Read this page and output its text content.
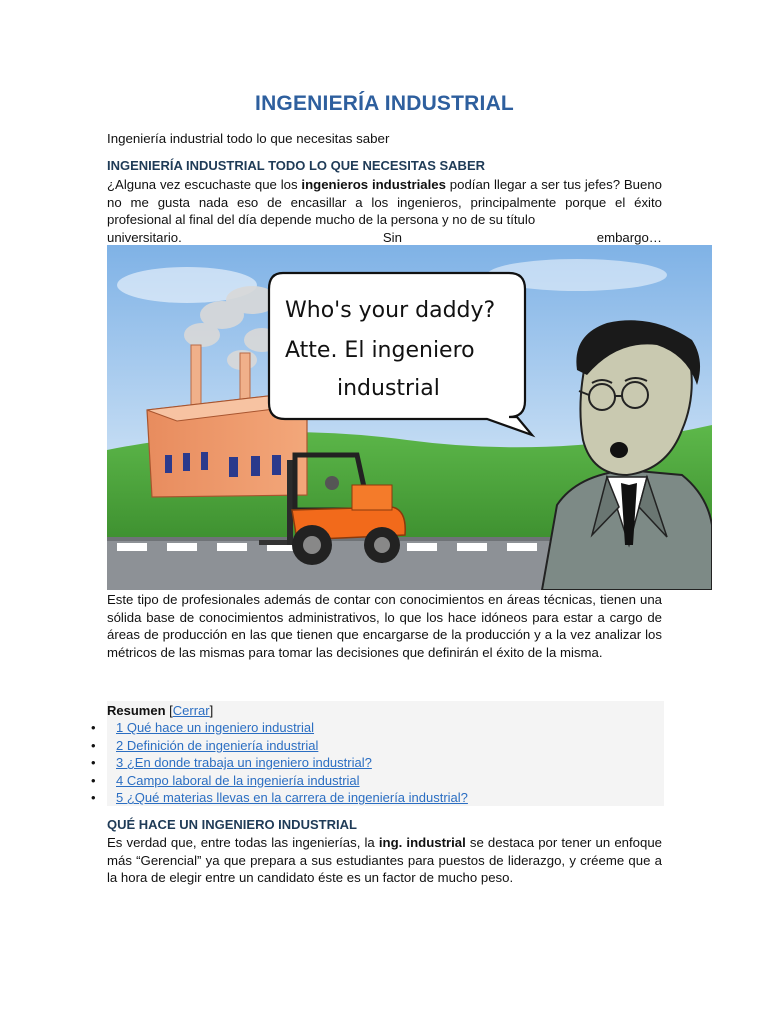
INGENIERÍA INDUSTRIAL
Ingeniería industrial todo lo que necesitas saber
INGENIERÍA INDUSTRIAL TODO LO QUE NECESITAS SABER
¿Alguna vez escuchaste que los ingenieros industriales podían llegar a ser tus jefes? Bueno no me gusta nada eso de encasillar a los ingenieros, principalmente porque el éxito profesional al final del día depende mucho de la persona y no de su título
universitario.                                Sin                               embargo…
Who's your daddy?
Atte. El ingeniero
industrial
Este tipo de profesionales además de contar con conocimientos en áreas técnicas, tienen una sólida base de conocimientos administrativos, lo que los hace idóneos para estar a cargo de áreas de producción en las que tienen que encargarse de la producción y a la vez analizar los métricos de las mismas para tomar las decisiones que definirán el éxito de la misma.
Resumen [Cerrar]
• 1 Qué hace un ingeniero industrial
• 2 Definición de ingeniería industrial
• 3 ¿En donde trabaja un ingeniero industrial?
• 4 Campo laboral de la ingeniería industrial
• 5 ¿Qué materias llevas en la carrera de ingeniería industrial?
QUÉ HACE UN INGENIERO INDUSTRIAL
Es verdad que, entre todas las ingenierías, la ing. industrial se destaca por tener un enfoque más “Gerencial” ya que prepara a sus estudiantes para puestos de liderazgo, y créeme que a la hora de elegir entre un candidato éste es un factor de mucho peso.
